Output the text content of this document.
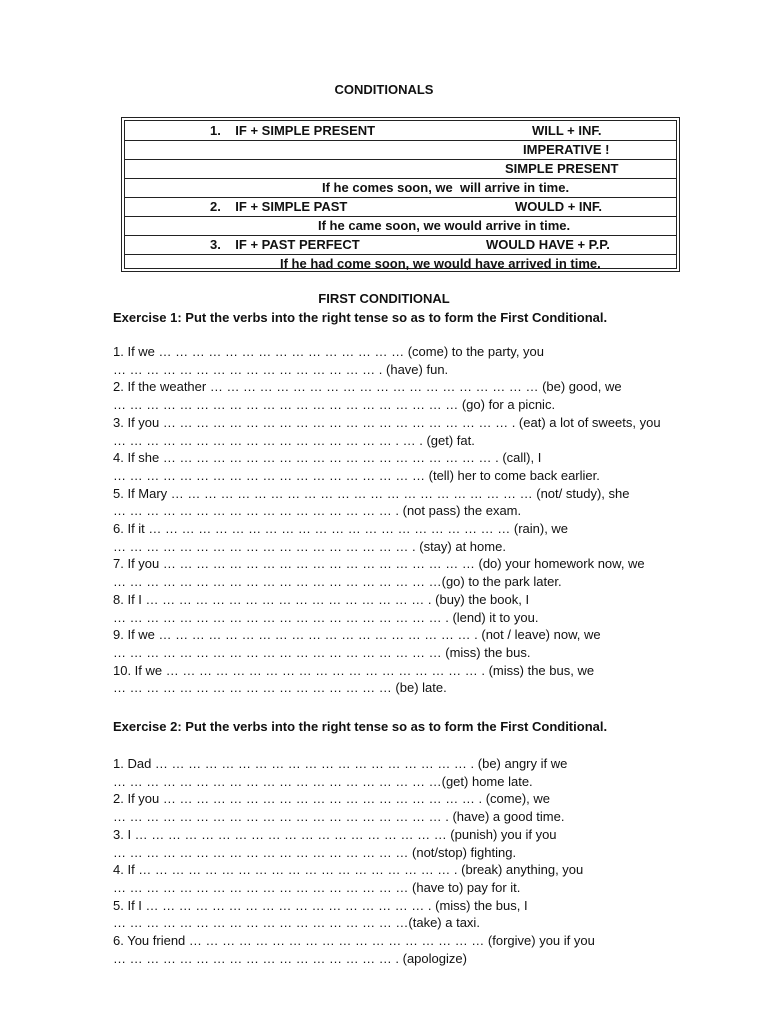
CONDITIONALS
1.    IF + SIMPLE PRESENT	WILL + INF.
IMPERATIVE !
SIMPLE PRESENT
If he comes soon, we  will arrive in time.
2.    IF + SIMPLE PAST	WOULD + INF.
If he came soon, we would arrive in time.
3.    IF + PAST PERFECT	WOULD HAVE + P.P.
If he had come soon, we would have arrived in time.
FIRST CONDITIONAL
Exercise 1: Put the verbs into the right tense so as to form the First Conditional.
1. If we … … … … … … … … … … … … … … … (come) to the party, you
… … … … … … … … … … … … … … … … . (have) fun.
2. If the weather … … … … … … … … … … … … … … … … … … … … (be) good, we
… … … … … … … … … … … … … … … … … … … … … (go) for a picnic.
3. If you … … … … … … … … … … … … … … … … … … … … … . (eat) a lot of sweets, you
… … … … … … … … … … … … … … … … … . … . (get) fat.
4. If she … … … … … … … … … … … … … … … … … … … … . (call), I
… … … … … … … … … … … … … … … … … … … (tell) her to come back earlier.
5. If Mary … … … … … … … … … … … … … … … … … … … … … … (not/ study), she
… … … … … … … … … … … … … … … … … . (not pass) the exam.
6. If it … … … … … … … … … … … … … … … … … … … … … … (rain), we
… … … … … … … … … … … … … … … … … … . (stay) at home.
7. If you … … … … … … … … … … … … … … … … … … … (do) your homework now, we
… … … … … … … … … … … … … … … … … … … …(go) to the park later.
8. If I … … … … … … … … … … … … … … … … … . (buy) the book, I
… … … … … … … … … … … … … … … … … … … … . (lend) it to you.
9. If we … … … … … … … … … … … … … … … … … … … . (not / leave) now, we
… … … … … … … … … … … … … … … … … … … … (miss) the bus.
10. If we … … … … … … … … … … … … … … … … … … … . (miss) the bus, we
… … … … … … … … … … … … … … … … … (be) late.
Exercise 2: Put the verbs into the right tense so as to form the First Conditional.
1. Dad … … … … … … … … … … … … … … … … … … … . (be) angry if we
… … … … … … … … … … … … … … … … … … … …(get) home late.
2. If you … … … … … … … … … … … … … … … … … … … . (come), we
… … … … … … … … … … … … … … … … … … … … . (have) a good time.
3. I … … … … … … … … … … … … … … … … … … … (punish) you if you
… … … … … … … … … … … … … … … … … … (not/stop) fighting.
4. If … … … … … … … … … … … … … … … … … … … . (break) anything, you
… … … … … … … … … … … … … … … … … … (have to) pay for it.
5. If I … … … … … … … … … … … … … … … … … . (miss) the bus, I
… … … … … … … … … … … … … … … … … …(take) a taxi.
6. You friend … … … … … … … … … … … … … … … … … … (forgive) you if you
… … … … … … … … … … … … … … … … … . (apologize)
